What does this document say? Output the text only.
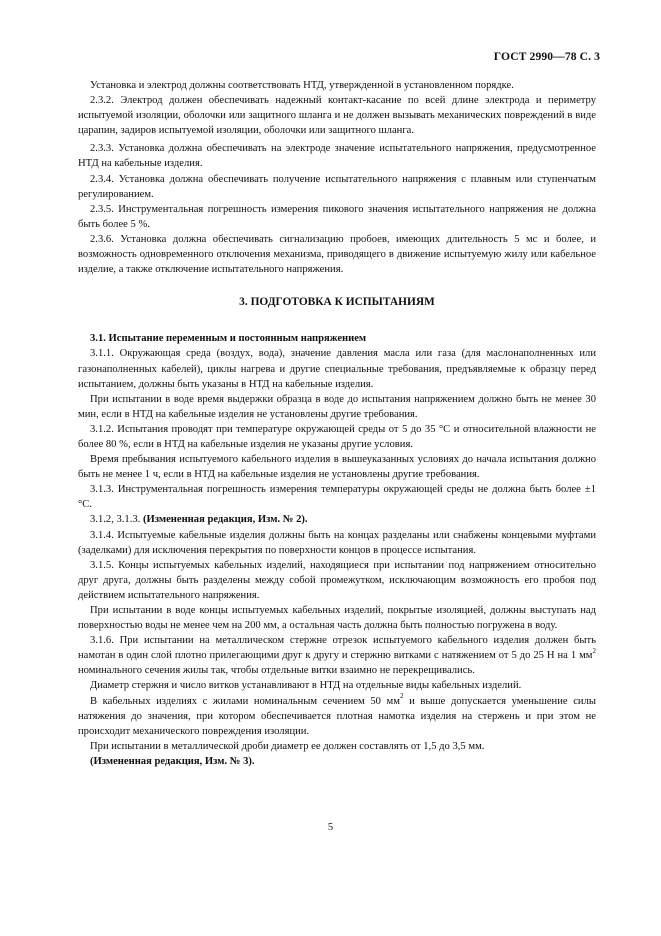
ГОСТ 2990—78 С. 3

Установка и электрод должны соответствовать НТД, утвержденной в установленном порядке.

2.3.2. Электрод должен обеспечивать надежный контакт-касание по всей длине электрода и периметру испытуемой изоляции, оболочки или защитного шланга и не должен вызывать механических повреждений в виде царапин, задиров испытуемой изоляции, оболочки или защитного шланга.

2.3.3. Установка должна обеспечивать на электроде значение испытательного напряжения, предусмотренное НТД на кабельные изделия.

2.3.4. Установка должна обеспечивать получение испытательного напряжения с плавным или ступенчатым регулированием.

2.3.5. Инструментальная погрешность измерения пикового значения испытательного напряжения не должна быть более 5 %.

2.3.6. Установка должна обеспечивать сигнализацию пробоев, имеющих длительность 5 мс и более, и возможность одновременного отключения механизма, приводящего в движение испытуемую жилу или кабельное изделие, а также отключение испытательного напряжения.

3. ПОДГОТОВКА К ИСПЫТАНИЯМ

3.1. Испытание переменным и постоянным напряжением

3.1.1. Окружающая среда (воздух, вода), значение давления масла или газа (для маслонаполненных или газонаполненных кабелей), циклы нагрева и другие специальные требования, предъявляемые к образцу перед испытанием, должны быть указаны в НТД на кабельные изделия.

При испытании в воде время выдержки образца в воде до испытания напряжением должно быть не менее 30 мин, если в НТД на кабельные изделия не установлены другие требования.

3.1.2. Испытания проводят при температуре окружающей среды от 5 до 35 °С и относительной влажности не более 80 %, если в НТД на кабельные изделия не указаны другие условия.

Время пребывания испытуемого кабельного изделия в вышеуказанных условиях до начала испытания должно быть не менее 1 ч, если в НТД на кабельные изделия не установлены другие требования.

3.1.3. Инструментальная погрешность измерения температуры окружающей среды не должна быть более ±1 °С.

3.1.2, 3.1.3. (Измененная редакция, Изм. № 2).

3.1.4. Испытуемые кабельные изделия должны быть на концах разделаны или снабжены концевыми муфтами (заделками) для исключения перекрытия по поверхности концов в процессе испытания.

3.1.5. Концы испытуемых кабельных изделий, находящиеся при испытании под напряжением относительно друг друга, должны быть разделены между собой промежутком, исключающим возможность его пробоя под действием испытательного напряжения.

При испытании в воде концы испытуемых кабельных изделий, покрытые изоляцией, должны выступать над поверхностью воды не менее чем на 200 мм, а остальная часть должна быть полностью погружена в воду.

3.1.6. При испытании на металлическом стержне отрезок испытуемого кабельного изделия должен быть намотан в один слой плотно прилегающими друг к другу и стержню витками с натяжением от 5 до 25 Н на 1 $мм^2$ номинального сечения жилы так, чтобы отдельные витки взаимно не перекрещивались.

Диаметр стержня и число витков устанавливают в НТД на отдельные виды кабельных изделий.

В кабельных изделиях с жилами номинальным сечением 50 $мм^2$ и выше допускается уменьшение силы натяжения до значения, при котором обеспечивается плотная намотка изделия на стержень и при этом не происходит механического повреждения изоляции.

При испытании в металлической дроби диаметр ее должен составлять от 1,5 до 3,5 мм.

(Измененная редакция, Изм. № 3).

5
